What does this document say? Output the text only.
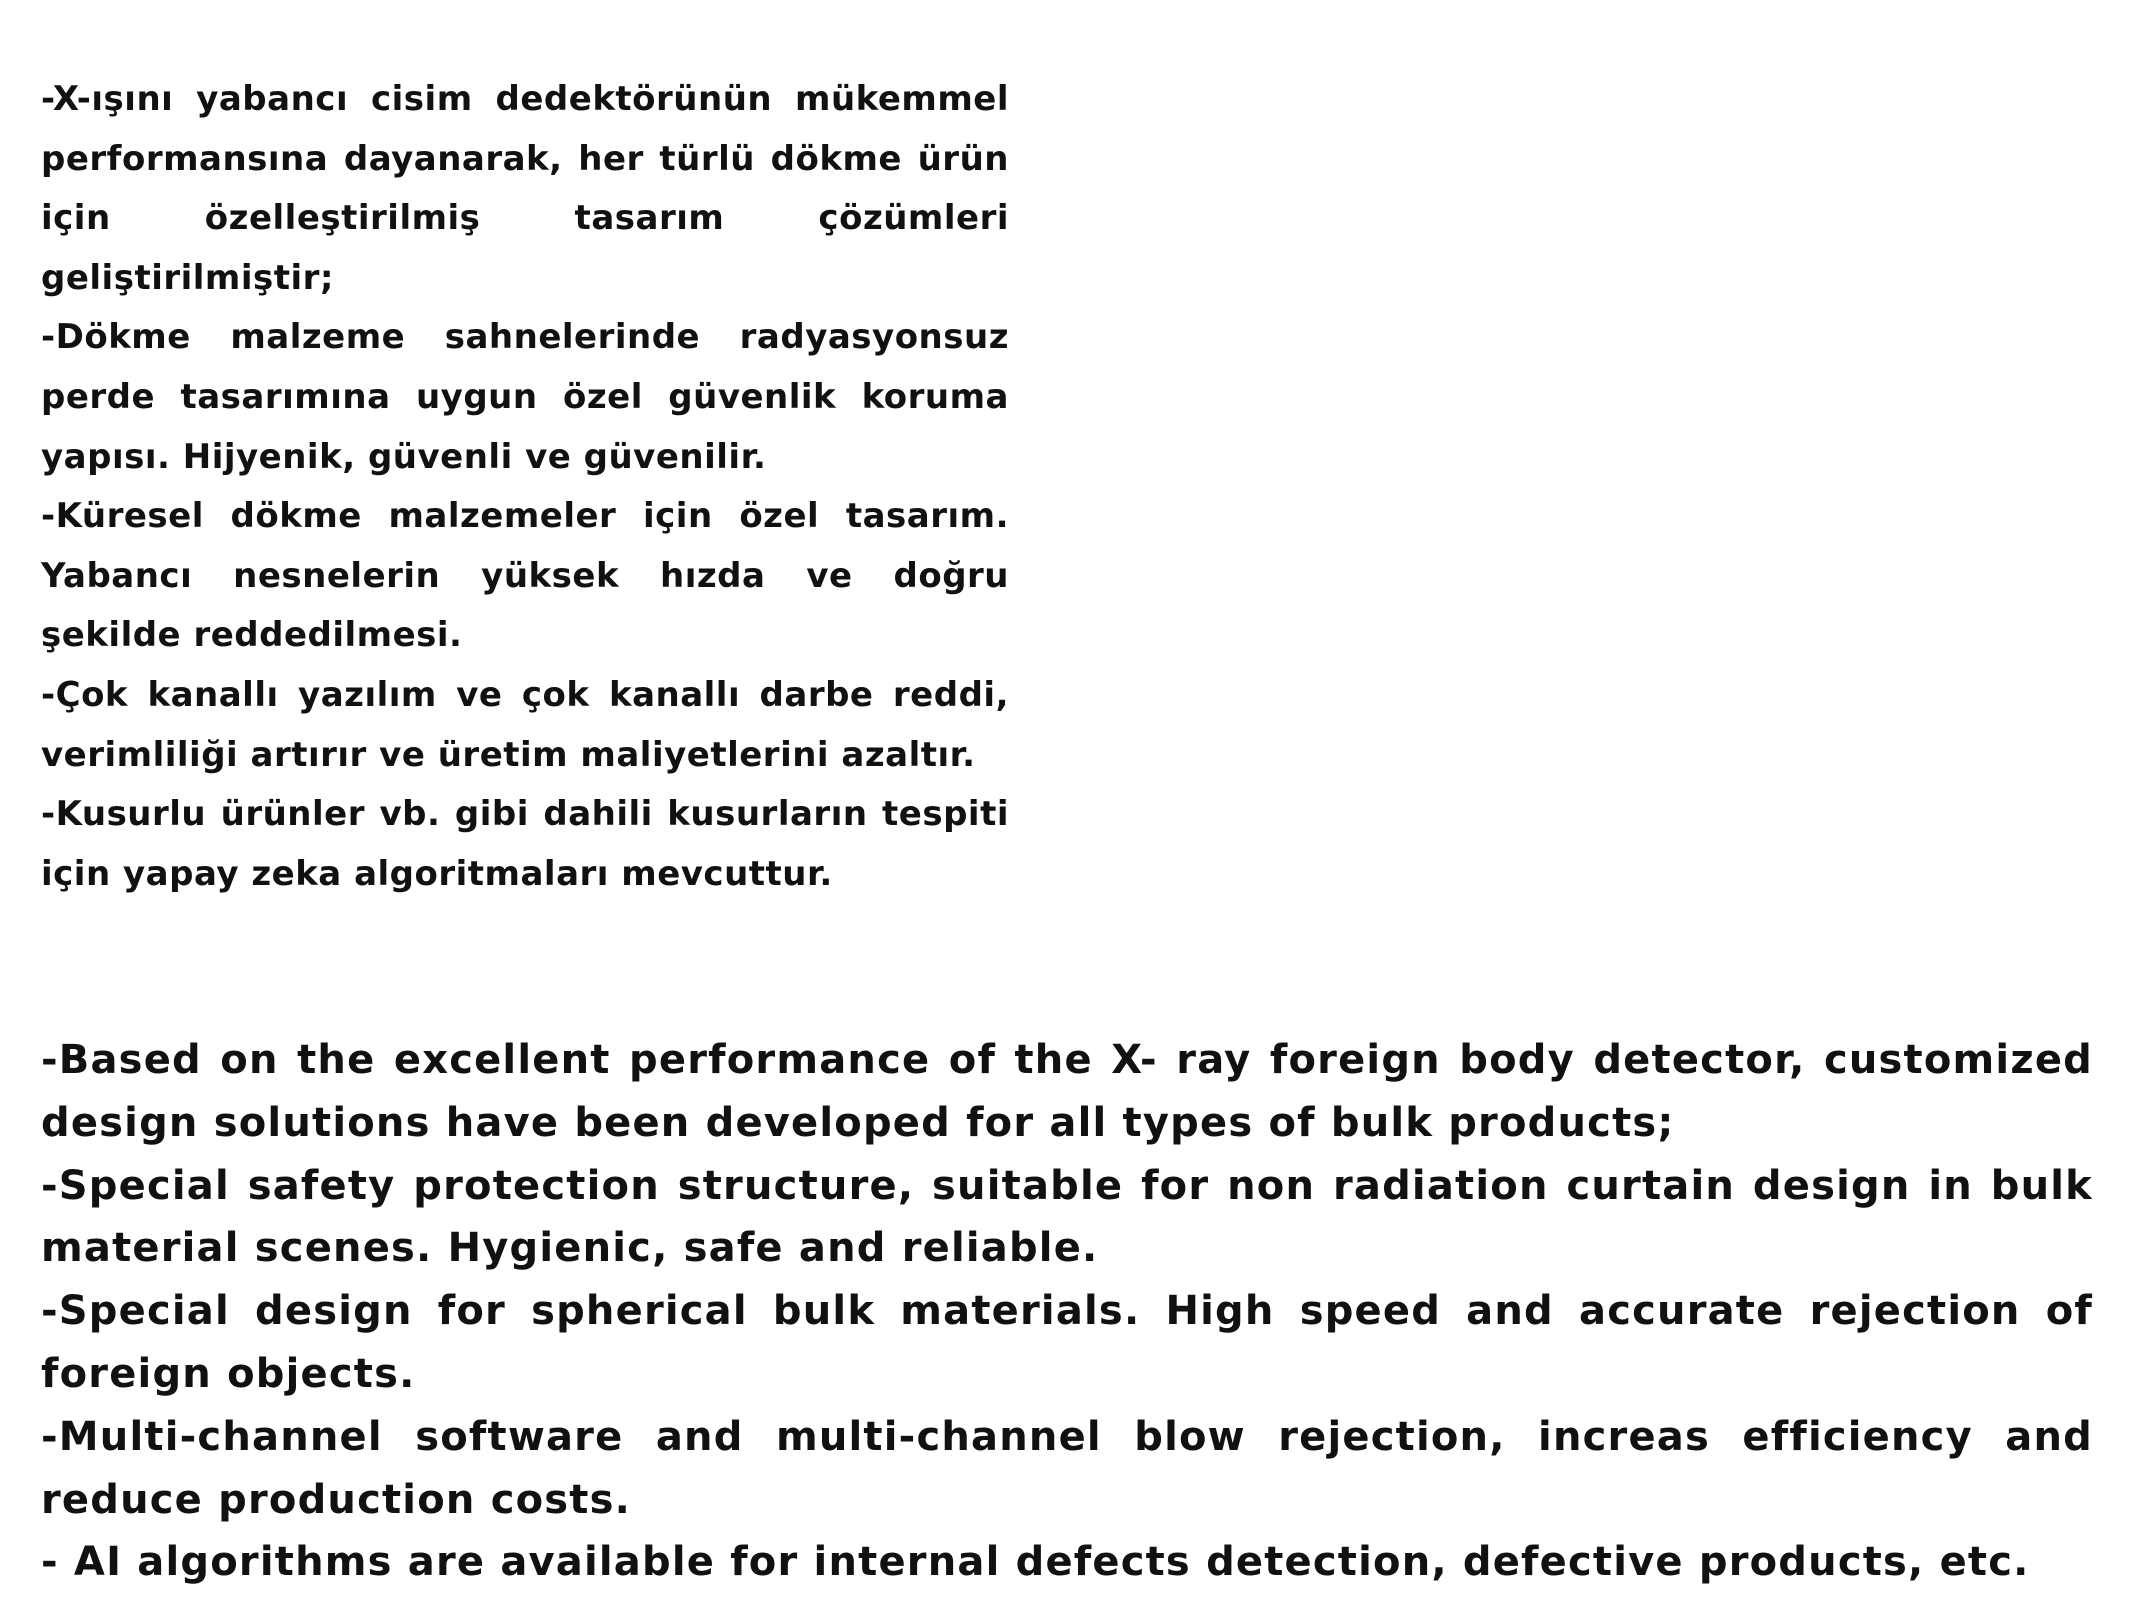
-X-ışını yabancı cisim dedektörünün mükemmel performansına dayanarak, her türlü dökme ürün için özelleştirilmiş tasarım çözümleri geliştirilmiştir;

-Dökme malzeme sahnelerinde radyasyonsuz perde tasarımına uygun özel güvenlik koruma yapısı. Hijyenik, güvenli ve güvenilir.

-Küresel dökme malzemeler için özel tasarım. Yabancı nesnelerin yüksek hızda ve doğru şekilde reddedilmesi.

-Çok kanallı yazılım ve çok kanallı darbe reddi, verimliliği artırır ve üretim maliyetlerini azaltır.

-Kusurlu ürünler vb. gibi dahili kusurların tespiti için yapay zeka algoritmaları mevcuttur.

-Based on the excellent performance of the X- ray foreign body detector, customized design solutions have been developed for all types of bulk products;

-Special safety protection structure, suitable for non radiation curtain design in bulk material scenes. Hygienic, safe and reliable.

-Special design for spherical bulk materials. High speed and accurate rejection of foreign objects.

-Multi-channel software and multi-channel blow rejection, increas efficiency and reduce production costs.

- AI algorithms are available for internal defects detection, defective products, etc.
